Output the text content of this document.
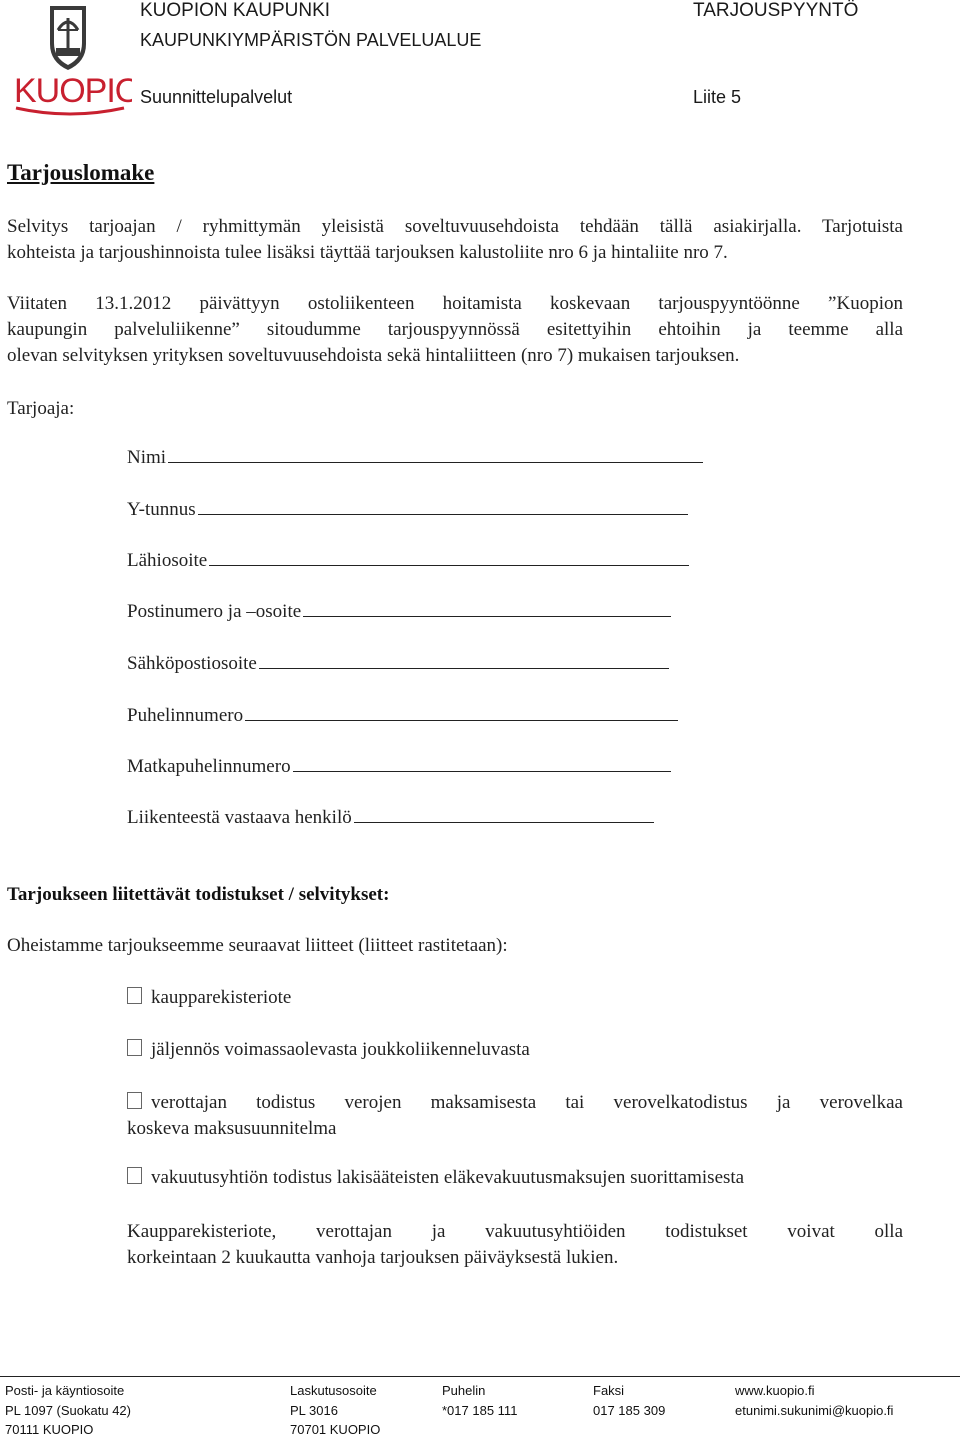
KUOPIO
KUOPION KAUPUNKI
KAUPUNKIYMPÄRISTÖN PALVELUALUE
Suunnittelupalvelut
TARJOUSPYYNTÖ
Liite 5
Tarjouslomake
Selvitys tarjoajan / ryhmittymän yleisistä soveltuvuusehdoista tehdään tällä asiakirjalla. Tarjotuista
kohteista ja tarjoushinnoista tulee lisäksi täyttää tarjouksen kalustoliite nro 6 ja hintaliite nro 7.
Viitaten 13.1.2012 päivättyyn ostoliikenteen hoitamista koskevaan tarjouspyyntöönne ”Kuopion
kaupungin palveluliikenne” sitoudumme tarjouspyynnössä esitettyihin ehtoihin ja teemme alla
olevan selvityksen yrityksen soveltuvuusehdoista sekä hintaliitteen (nro 7) mukaisen tarjouksen.
Tarjoaja:
Nimi
Y-tunnus
Lähiosoite
Postinumero ja –osoite
Sähköpostiosoite
Puhelinnumero
Matkapuhelinnumero
Liikenteestä vastaava henkilö
Tarjoukseen liitettävät todistukset / selvitykset:
Oheistamme tarjoukseemme seuraavat liitteet (liitteet rastitetaan):
kaupparekisteriote
jäljennös voimassaolevasta joukkoliikenneluvasta
verottajan todistus verojen maksamisesta tai verovelkatodistus ja verovelkaa
koskeva maksusuunnitelma
vakuutusyhtiön todistus lakisääteisten eläkevakuutusmaksujen suorittamisesta
Kaupparekisteriote, verottajan ja vakuutusyhtiöiden todistukset voivat olla
korkeintaan 2 kuukautta vanhoja tarjouksen päiväyksestä lukien.
Posti- ja käyntiosoite
PL 1097 (Suokatu 42)
70111 KUOPIO
Laskutusosoite
PL 3016
70701 KUOPIO
Puhelin
*017 185 111
Faksi
017 185 309
www.kuopio.fi
etunimi.sukunimi@kuopio.fi
